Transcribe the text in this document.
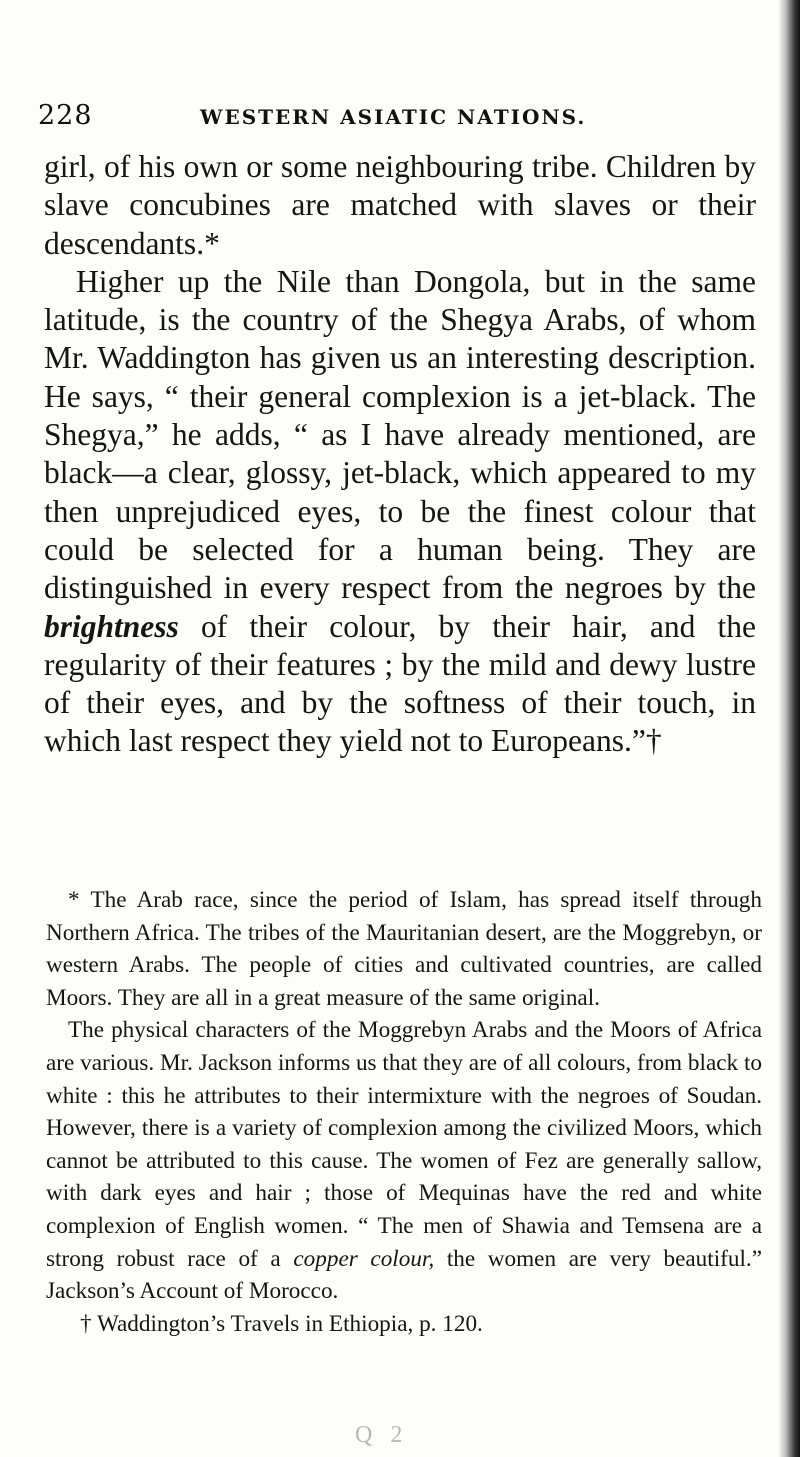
228	WESTERN ASIATIC NATIONS.

girl, of his own or some neighbouring tribe. Children by slave concubines are matched with slaves or their descendants.*

Higher up the Nile than Dongola, but in the same latitude, is the country of the Shegya Arabs, of whom Mr. Waddington has given us an interesting description. He says, “ their general complexion is a jet-black. The Shegya,” he adds, “ as I have already mentioned, are black—a clear, glossy, jet-black, which appeared to my then unprejudiced eyes, to be the finest colour that could be selected for a human being. They are distinguished in every respect from the negroes by the brightness of their colour, by their hair, and the regularity of their features ; by the mild and dewy lustre of their eyes, and by the softness of their touch, in which last respect they yield not to Europeans.”†

* The Arab race, since the period of Islam, has spread itself through Northern Africa. The tribes of the Mauritanian desert, are the Moggrebyn, or western Arabs. The people of cities and cultivated countries, are called Moors. They are all in a great measure of the same original.

The physical characters of the Moggrebyn Arabs and the Moors of Africa are various. Mr. Jackson informs us that they are of all colours, from black to white : this he attributes to their intermixture with the negroes of Soudan. However, there is a variety of complexion among the civilized Moors, which cannot be attributed to this cause. The women of Fez are generally sallow, with dark eyes and hair ; those of Mequinas have the red and white complexion of English women. “ The men of Shawia and Temsena are a strong robust race of a copper colour, the women are very beautiful.” Jackson’s Account of Morocco.

† Waddington’s Travels in Ethiopia, p. 120.

Q 2
